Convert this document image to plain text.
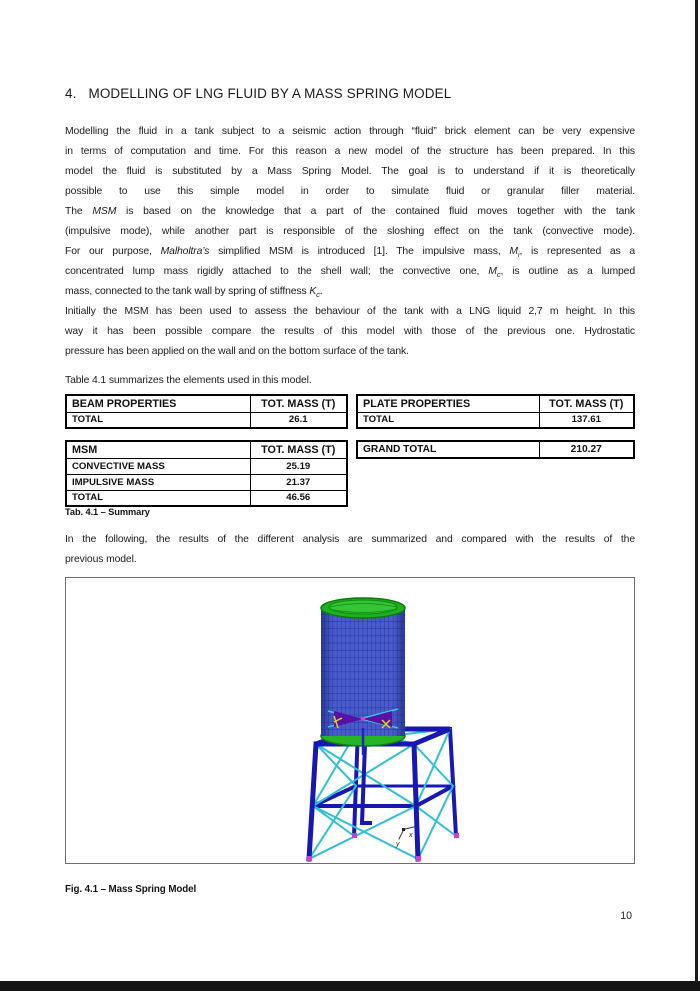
4. MODELLING OF LNG FLUID BY A MASS SPRING MODEL
Modelling the fluid in a tank subject to a seismic action through “fluid” brick element can be very expensive
in terms of computation and time. For this reason a new model of the structure has been prepared. In this
model the fluid is substituted by a Mass Spring Model. The goal is to understand if it is theoretically
possible to use this simple model in order to simulate fluid or granular filler material.
The MSM is based on the knowledge that a part of the contained fluid moves together with the tank
(impulsive mode), while another part is responsible of the sloshing effect on the tank (convective mode).
For our purpose, Malholtra’s simplified MSM is introduced [1]. The impulsive mass, $M_i$, is represented as a
concentrated lump mass rigidly attached to the shell wall; the convective one, $M_c$, is outline as a lumped
mass, connected to the tank wall by spring of stiffness $K_c$.
Initially the MSM has been used to assess the behaviour of the tank with a LNG liquid 2,7 m height. In this
way it has been possible compare the results of this model with those of the previous one. Hydrostatic
pressure has been applied on the wall and on the bottom surface of the tank.
Table 4.1 summarizes the elements used in this model.
BEAM PROPERTIES	TOT. MASS (T)
TOTAL	26.1
PLATE PROPERTIES	TOT. MASS (T)
TOTAL	137.61
MSM	TOT. MASS (T)
CONVECTIVE MASS	25.19
IMPULSIVE MASS	21.37
TOTAL	46.56
GRAND TOTAL	210.27
Tab. 4.1 – Summary
In the following, the results of the different analysis are summarized and compared with the results of the
previous model.
x
y
Fig. 4.1 – Mass Spring Model
10
